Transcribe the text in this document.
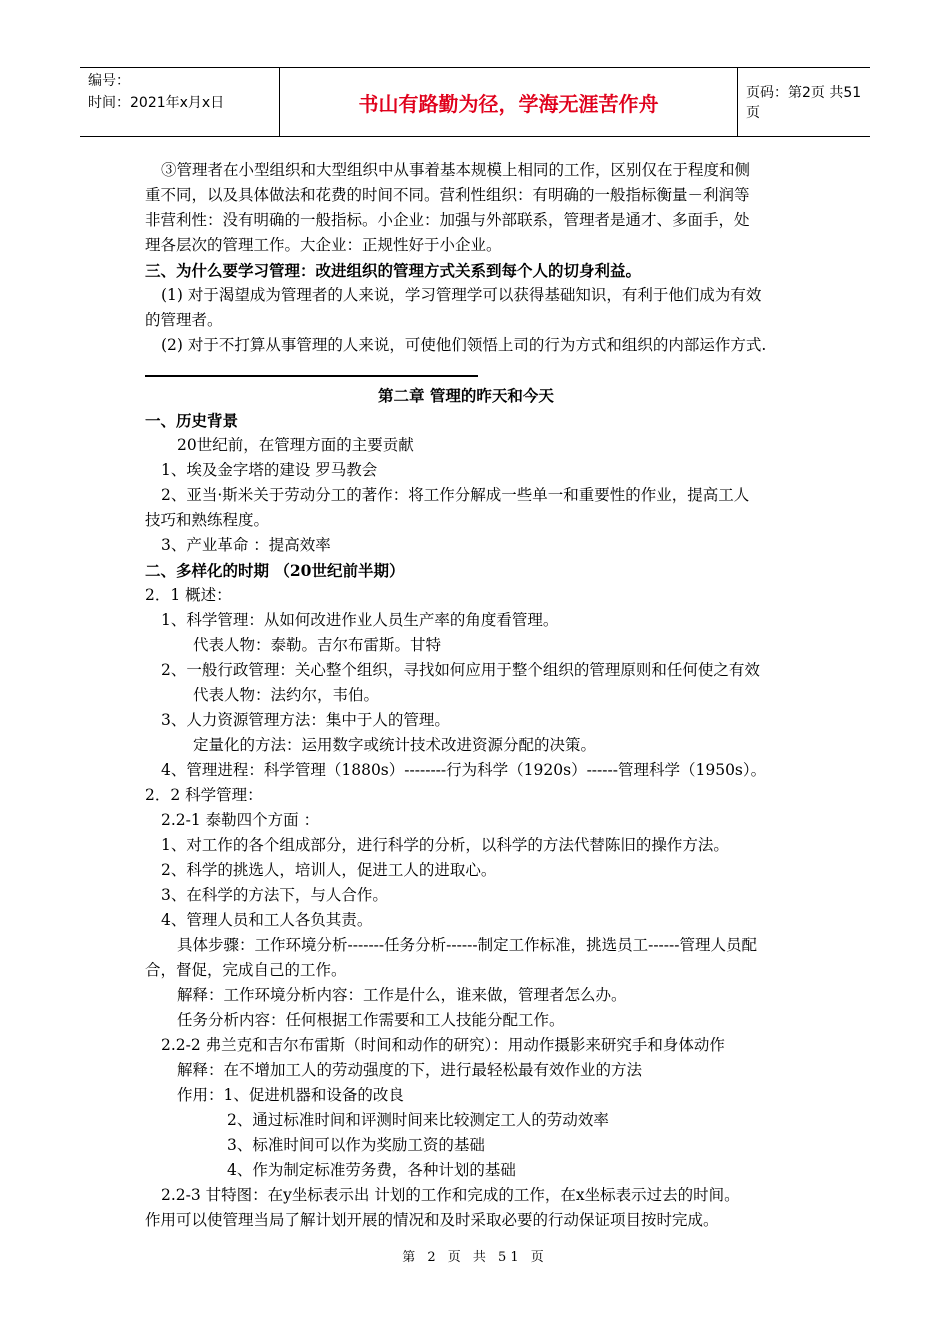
编号：
时间：2021年x月x日	书山有路勤为径，学海无涯苦作舟	页码：第2页 共51页
③管理者在小型组织和大型组织中从事着基本规模上相同的工作，区别仅在于程度和侧
重不同，以及具体做法和花费的时间不同。营利性组织：有明确的一般指标衡量－利润等
非营利性：没有明确的一般指标。小企业：加强与外部联系，管理者是通才、多面手，处
理各层次的管理工作。大企业：正规性好于小企业。
三、为什么要学习管理：改进组织的管理方式关系到每个人的切身利益。
(1) 对于渴望成为管理者的人来说，学习管理学可以获得基础知识，有利于他们成为有效
的管理者。
(2) 对于不打算从事管理的人来说，可使他们领悟上司的行为方式和组织的内部运作方式.
第二章 管理的昨天和今天
一、历史背景
20世纪前，在管理方面的主要贡献
1、埃及金字塔的建设 罗马教会
2、亚当·斯米关于劳动分工的著作：将工作分解成一些单一和重要性的作业，提高工人
技巧和熟练程度。
3、产业革命 ：提高效率
二、多样化的时期 （20世纪前半期）
2．1 概述：
1、科学管理：从如何改进作业人员生产率的角度看管理。
代表人物：泰勒。吉尔布雷斯。甘特
2、一般行政管理：关心整个组织，寻找如何应用于整个组织的管理原则和任何使之有效
代表人物：法约尔，韦伯。
3、人力资源管理方法：集中于人的管理。
定量化的方法：运用数字或统计技术改进资源分配的决策。
4、管理进程：科学管理（1880s）--------行为科学（1920s）------管理科学（1950s）。
2．2 科学管理：
2.2-1 泰勒四个方面 ：
1、对工作的各个组成部分，进行科学的分析，以科学的方法代替陈旧的操作方法。
2、科学的挑选人，培训人，促进工人的进取心。
3、在科学的方法下，与人合作。
4、管理人员和工人各负其责。
具体步骤：工作环境分析-------任务分析------制定工作标准，挑选员工------管理人员配
合，督促，完成自己的工作。
解释：工作环境分析内容：工作是什么，谁来做，管理者怎么办。
任务分析内容：任何根据工作需要和工人技能分配工作。
2.2-2 弗兰克和吉尔布雷斯（时间和动作的研究）：用动作摄影来研究手和身体动作
解释：在不增加工人的劳动强度的下，进行最轻松最有效作业的方法
作用：1、促进机器和设备的改良
2、通过标准时间和评测时间来比较测定工人的劳动效率
3、标准时间可以作为奖励工资的基础
4、作为制定标准劳务费，各种计划的基础
2.2-3 甘特图：在y坐标表示出 计划的工作和完成的工作，在x坐标表示过去的时间。
作用可以使管理当局了解计划开展的情况和及时采取必要的行动保证项目按时完成。
第 2 页 共 51 页
